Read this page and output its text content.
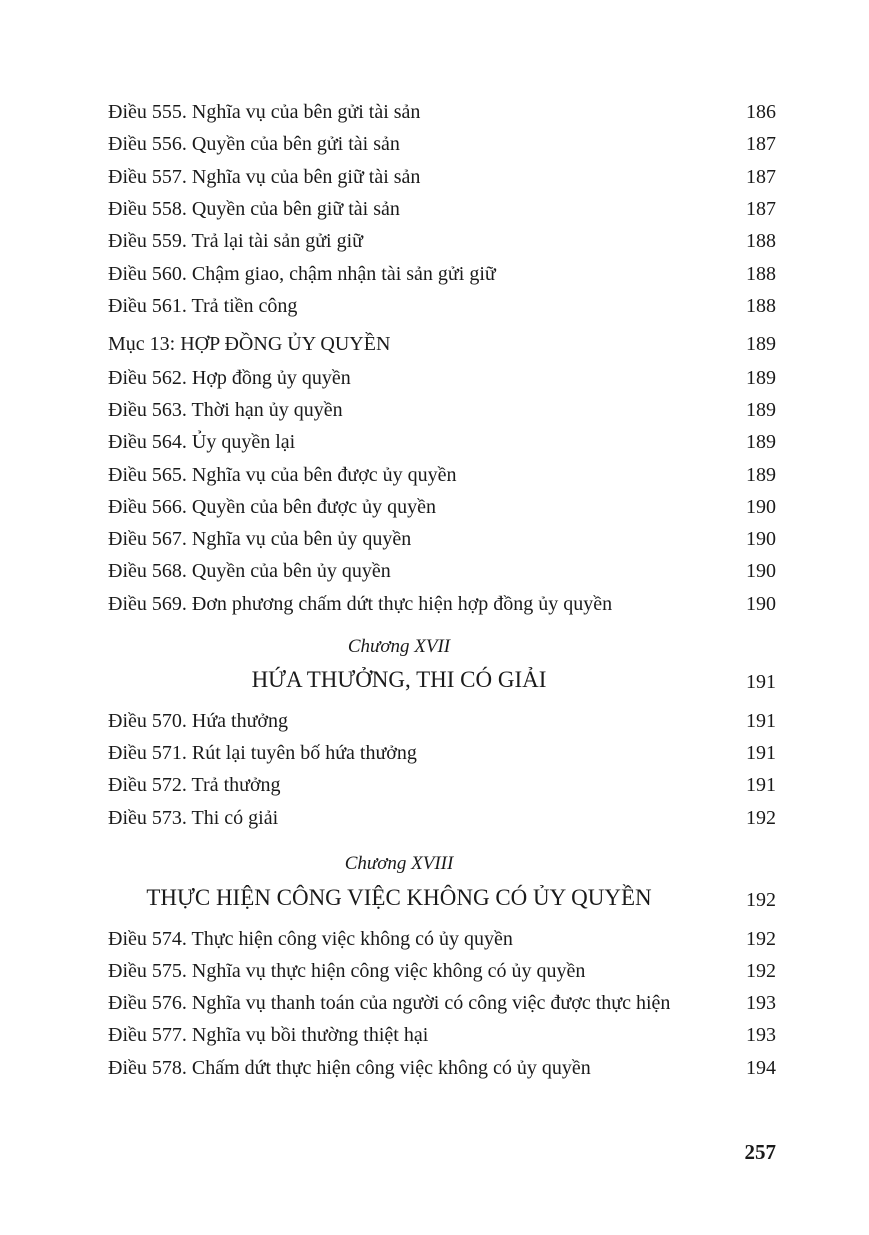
Điều 555. Nghĩa vụ của bên gửi tài sản	186
Điều 556. Quyền của bên gửi tài sản	187
Điều 557. Nghĩa vụ của bên giữ tài sản	187
Điều 558. Quyền của bên giữ tài sản	187
Điều 559. Trả lại tài sản gửi giữ	188
Điều 560. Chậm giao, chậm nhận tài sản gửi giữ	188
Điều 561. Trả tiền công	188
Mục 13: HỢP ĐỒNG ỦY QUYỀN	189
Điều 562. Hợp đồng ủy quyền	189
Điều 563. Thời hạn ủy quyền	189
Điều 564. Ủy quyền lại	189
Điều 565. Nghĩa vụ của bên được ủy quyền	189
Điều 566. Quyền của bên được ủy quyền	190
Điều 567. Nghĩa vụ của bên ủy quyền	190
Điều 568. Quyền của bên ủy quyền	190
Điều 569. Đơn phương chấm dứt thực hiện hợp đồng ủy quyền	190
Chương XVII
HỨA THƯỞNG, THI CÓ GIẢI	191
Điều 570. Hứa thưởng	191
Điều 571. Rút lại tuyên bố hứa thưởng	191
Điều 572. Trả thưởng	191
Điều 573. Thi có giải	192
Chương XVIII
THỰC HIỆN CÔNG VIỆC KHÔNG CÓ ỦY QUYỀN	192
Điều 574. Thực hiện công việc không có ủy quyền	192
Điều 575. Nghĩa vụ thực hiện công việc không có ủy quyền	192
Điều 576. Nghĩa vụ thanh toán của người có công việc được thực hiện	193
Điều 577. Nghĩa vụ bồi thường thiệt hại	193
Điều 578. Chấm dứt thực hiện công việc không có ủy quyền	194
257
